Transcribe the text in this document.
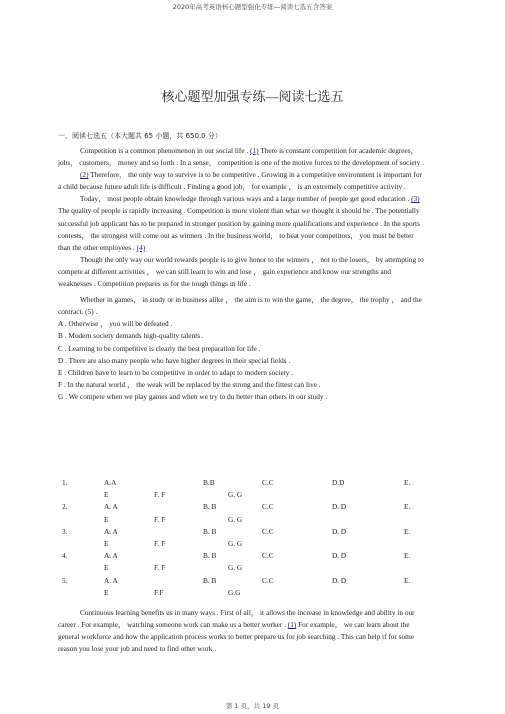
2020年高考英语核心题型强化专练—阅读七选五含答案
核心题型加强专练—阅读七选五
一、阅读七选五（本大题共 65 小题，共 650.0 分）

Competition is a common phenomenon in our social life . (1) There is constant competition for academic degrees， jobs， customers， money and so forth . In a sense， competition is one of the motive forces to the development of society .

(2) Therefore， the only way to survive is to be competitive . Growing in a competitive environment is important for a child because future adult life is difficult . Finding a good job， for example ， is an extremely competitive activity .

Today， most people obtain knowledge through various ways and a large number of people get good education . (3) The quality of people is rapidly increasing . Competition is more violent than what we thought it should be . The potentially successful job applicant has to be prepared in stronger position by gaining more qualifications and experience . In the sports contests， the strongest will come out as winners . In the business world， to beat your competitors， you must be better than the other employees . (4)

Though the only way our world rewards people is to give honor to the winners ， not to the losers， by attempting to compete at different activities ， we can still learn to win and lose ， gain experience and know our strengths and weaknesses . Competition prepares us for the tough things in life .

Whether in games， in study or in business alike ， the aim is to win the game， the degree， the trophy ， and the contract. (5) .

A . Otherwise ， you will be defeated .

B . Modern society demands high-quality talents .

C . Learning to be competitive is clearly the best preparation for life .

D . There are also many people who have higher degrees in their special fields .

E . Children have to learn to be competitive in order to adapt to modern society .

F . In the natural world ， the weak will be replaced by the strong and the fittest can live .

G . We compete when we play games and when we try to do better than others in our study .

1.	A.A	B.B	C.C	D.D	E.
E	F. F	G. G
2.	A. A	B. B	C.C	D. D	E.
E	F. F	G. G
3.	A. A	B. B	C.C	D. D	E.
E	F. F	G. G
4.	A. A	B. B	C.C	D. D	E.
E	F. F	G. G
5.	A. A	B. B	C.C	D. D	E.
E	F.F	G.G

Continuous learning benefits us in many ways . First of all， it allows the increase in knowledge and ability in our career . For example， watching someone work can make us a better worker . (1) For example， we can learn about the general workforce and how the application process works to better prepare us for job searching . This can help if for some reason you lose your job and need to find other work .

第 1 页，共 19 页
